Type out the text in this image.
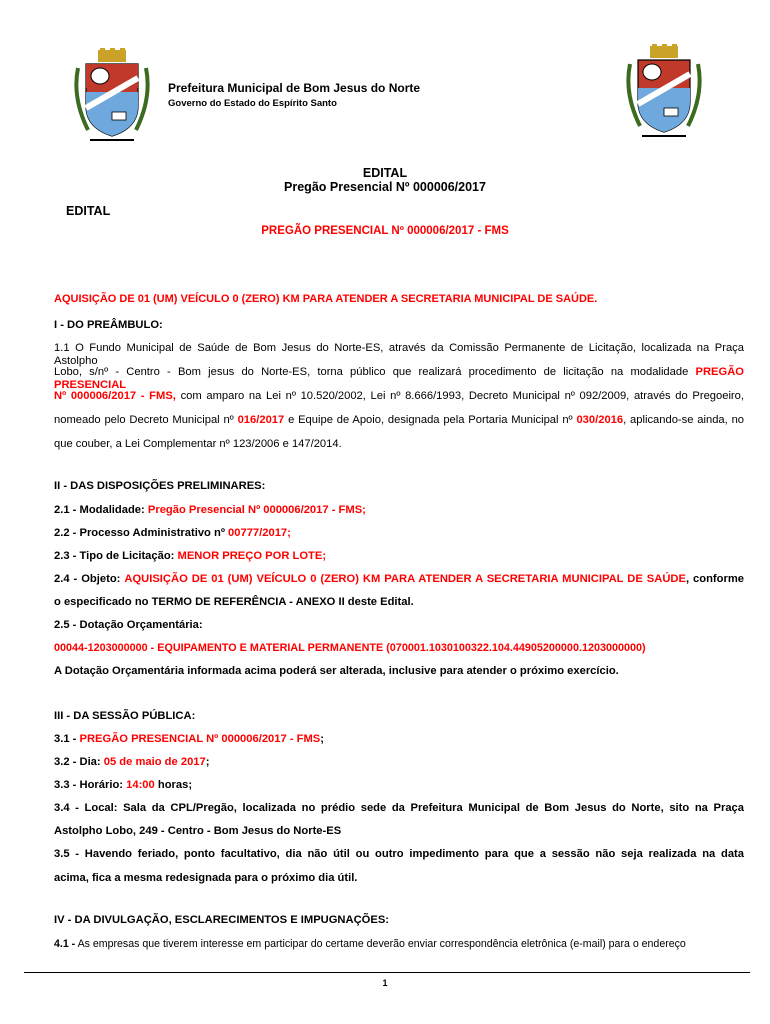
Prefeitura Municipal de Bom Jesus do Norte
Governo do Estado do Espírito Santo
EDITAL
Pregão Presencial Nº 000006/2017
EDITAL
PREGÃO PRESENCIAL Nº 000006/2017 - FMS
AQUISIÇÃO DE 01 (UM) VEÍCULO 0 (ZERO) KM PARA ATENDER A SECRETARIA MUNICIPAL DE SAÚDE.
I - DO PREÂMBULO:
1.1 O Fundo Municipal de Saúde de Bom Jesus do Norte-ES, através da Comissão Permanente de Licitação, localizada na Praça Astolpho
Lobo, s/nº - Centro - Bom jesus do Norte-ES, torna público que realizará procedimento de licitação na modalidade PREGÃO PRESENCIAL
Nº 000006/2017 - FMS, com amparo na Lei nº 10.520/2002, Lei nº 8.666/1993, Decreto Municipal nº 092/2009, através do Pregoeiro,
nomeado pelo Decreto Municipal nº 016/2017 e Equipe de Apoio, designada pela Portaria Municipal nº 030/2016, aplicando-se ainda, no
que couber, a Lei Complementar nº 123/2006 e 147/2014.
II - DAS DISPOSIÇÕES PRELIMINARES:
2.1 - Modalidade: Pregão Presencial Nº 000006/2017 - FMS;
2.2 - Processo Administrativo nº 00777/2017;
2.3 - Tipo de Licitação: MENOR PREÇO POR LOTE;
2.4 - Objeto: AQUISIÇÃO DE 01 (UM) VEÍCULO 0 (ZERO) KM PARA ATENDER A SECRETARIA MUNICIPAL DE SAÚDE, conforme
o especificado no TERMO DE REFERÊNCIA - ANEXO II deste Edital.
2.5 - Dotação Orçamentária:
00044-1203000000 - EQUIPAMENTO E MATERIAL PERMANENTE (070001.1030100322.104.44905200000.1203000000)
A Dotação Orçamentária informada acima poderá ser alterada, inclusive para atender o próximo exercício.
III - DA SESSÃO PÚBLICA:
3.1 - PREGÃO PRESENCIAL Nº 000006/2017 - FMS;
3.2 - Dia: 05 de maio de 2017;
3.3 - Horário: 14:00 horas;
3.4 - Local: Sala da CPL/Pregão, localizada no prédio sede da Prefeitura Municipal de Bom Jesus do Norte, sito na Praça
Astolpho Lobo, 249 - Centro - Bom Jesus do Norte-ES
3.5 - Havendo feriado, ponto facultativo, dia não útil ou outro impedimento para que a sessão não seja realizada na data
acima, fica a mesma redesignada para o próximo dia útil.
IV - DA DIVULGAÇÃO, ESCLARECIMENTOS E IMPUGNAÇÕES:
4.1 - As empresas que tiverem interesse em participar do certame deverão enviar correspondência eletrônica (e-mail) para o endereço
1
